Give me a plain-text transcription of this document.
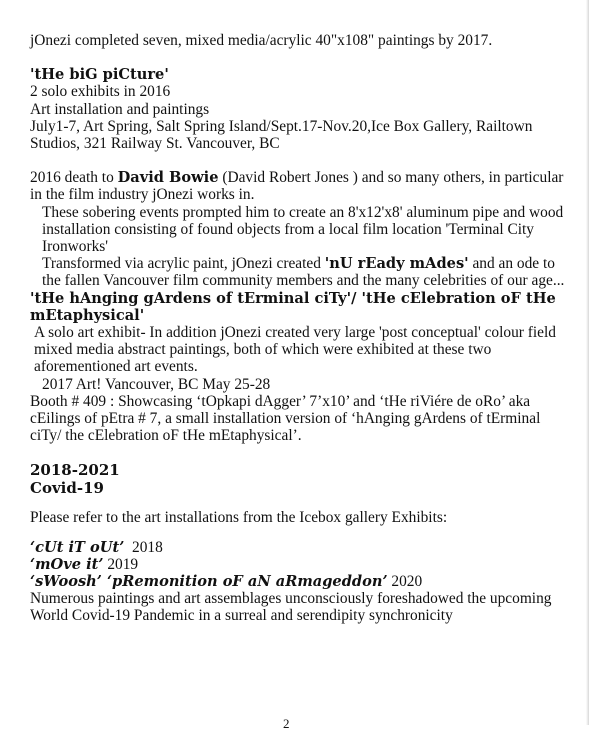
jOnezi completed seven, mixed media/acrylic 40"x108" paintings by 2017.

'tHe biG piCture'

2 solo exhibits in 2016

Art installation and paintings

July1-7, Art Spring, Salt Spring Island/Sept.17-Nov.20,Ice Box Gallery, Railtown Studios, 321 Railway St. Vancouver, BC

2016 death to David Bowie (David Robert Jones ) and so many others, in particular in the film industry jOnezi works in.

These sobering events prompted him to create an 8'x12'x8' aluminum pipe and wood installation consisting of found objects from a local film location 'Terminal City Ironworks'

Transformed via acrylic paint, jOnezi created 'nU rEady mAdes' and an ode to the fallen Vancouver film community members and the many celebrities of our age...

'tHe hAnging gArdens of tErminal ciTy'/ 'tHe cElebration oF tHe mEtaphysical'

A solo art exhibit- In addition jOnezi created very large 'post conceptual' colour field mixed media abstract paintings, both of which were exhibited at these two aforementioned art events.

2017 Art! Vancouver, BC May 25-28

Booth # 409 : Showcasing ‘tOpkapi dAgger’ 7’x10’ and ‘tHe riViére de oRo’ aka cEilings of pEtra # 7, a small installation version of ‘hAnging gArdens of tErminal ciTy/ the cElebration oF tHe mEtaphysical’.

2018-2021

Covid-19

Please refer to the art installations from the Icebox gallery Exhibits:

‘cUt iT oUt’ 2018

‘mOve it’ 2019

‘sWoosh’ ‘pRemonition oF aN aRmageddon’ 2020

Numerous paintings and art assemblages unconsciously foreshadowed the upcoming World Covid-19 Pandemic in a surreal and serendipity synchronicity

2
